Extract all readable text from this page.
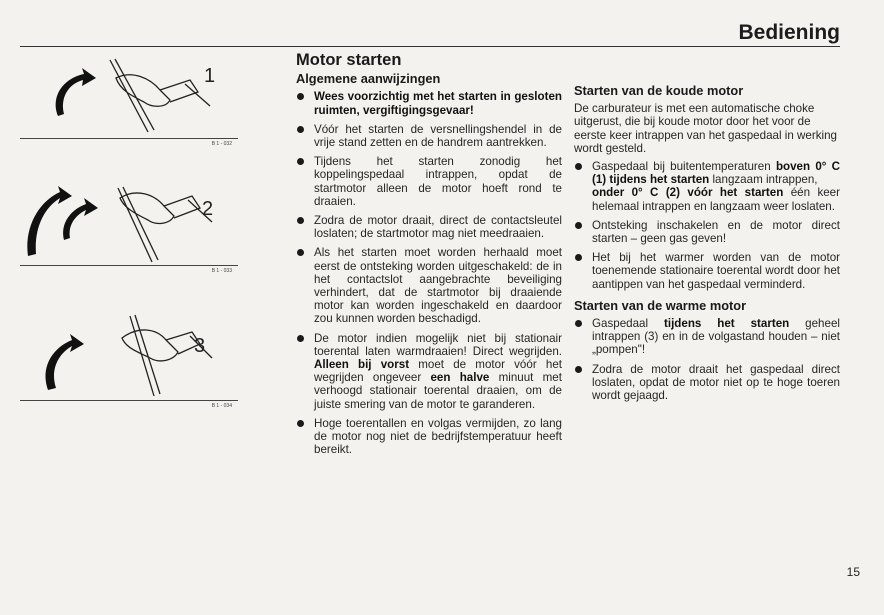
Bediening
1
B 1 - 032
2
B 1 - 033
3
B 1 - 034
Motor starten
Algemene aanwijzingen
Wees voorzichtig met het starten in gesloten ruimten, vergiftigingsgevaar!
Vóór het starten de versnellingshendel in de vrije stand zetten en de handrem aantrekken.
Tijdens het starten zonodig het koppelingspedaal intrappen, opdat de startmotor alleen de motor hoeft rond te draaien.
Zodra de motor draait, direct de contactsleutel loslaten; de startmotor mag niet meedraaien.
Als het starten moet worden herhaald moet eerst de ontsteking worden uitgeschakeld: de in het contactslot aangebrachte beveiliging verhindert, dat de startmotor bij draaiende motor kan worden ingeschakeld en daardoor zou kunnen worden beschadigd.
De motor indien mogelijk niet bij stationair toerental laten warmdraaien! Direct wegrijden. Alleen bij vorst moet de motor vóór het wegrijden ongeveer een halve minuut met verhoogd stationair toerental draaien, om de juiste smering van de motor te garanderen.
Hoge toerentallen en volgas vermijden, zo lang de motor nog niet de bedrijfstemperatuur heeft bereikt.
Starten van de koude motor

De carburateur is met een automatische choke uitgerust, die bij koude motor door het voor de eerste keer intrappen van het gaspedaal in werking wordt gesteld.

Gaspedaal bij buitentemperaturen boven 0° C (1) tijdens het starten langzaam intrappen,
onder 0° C (2) vóór het starten één keer helemaal intrappen en langzaam weer loslaten.
Ontsteking inschakelen en de motor direct starten – geen gas geven!
Het bij het warmer worden van de motor toenemende stationaire toerental wordt door het aantippen van het gaspedaal verminderd.
Starten van de warme motor
Gaspedaal tijdens het starten geheel intrappen (3) en in de volgastand houden – niet „pompen"!
Zodra de motor draait het gaspedaal direct loslaten, opdat de motor niet op te hoge toeren wordt gejaagd.
15
